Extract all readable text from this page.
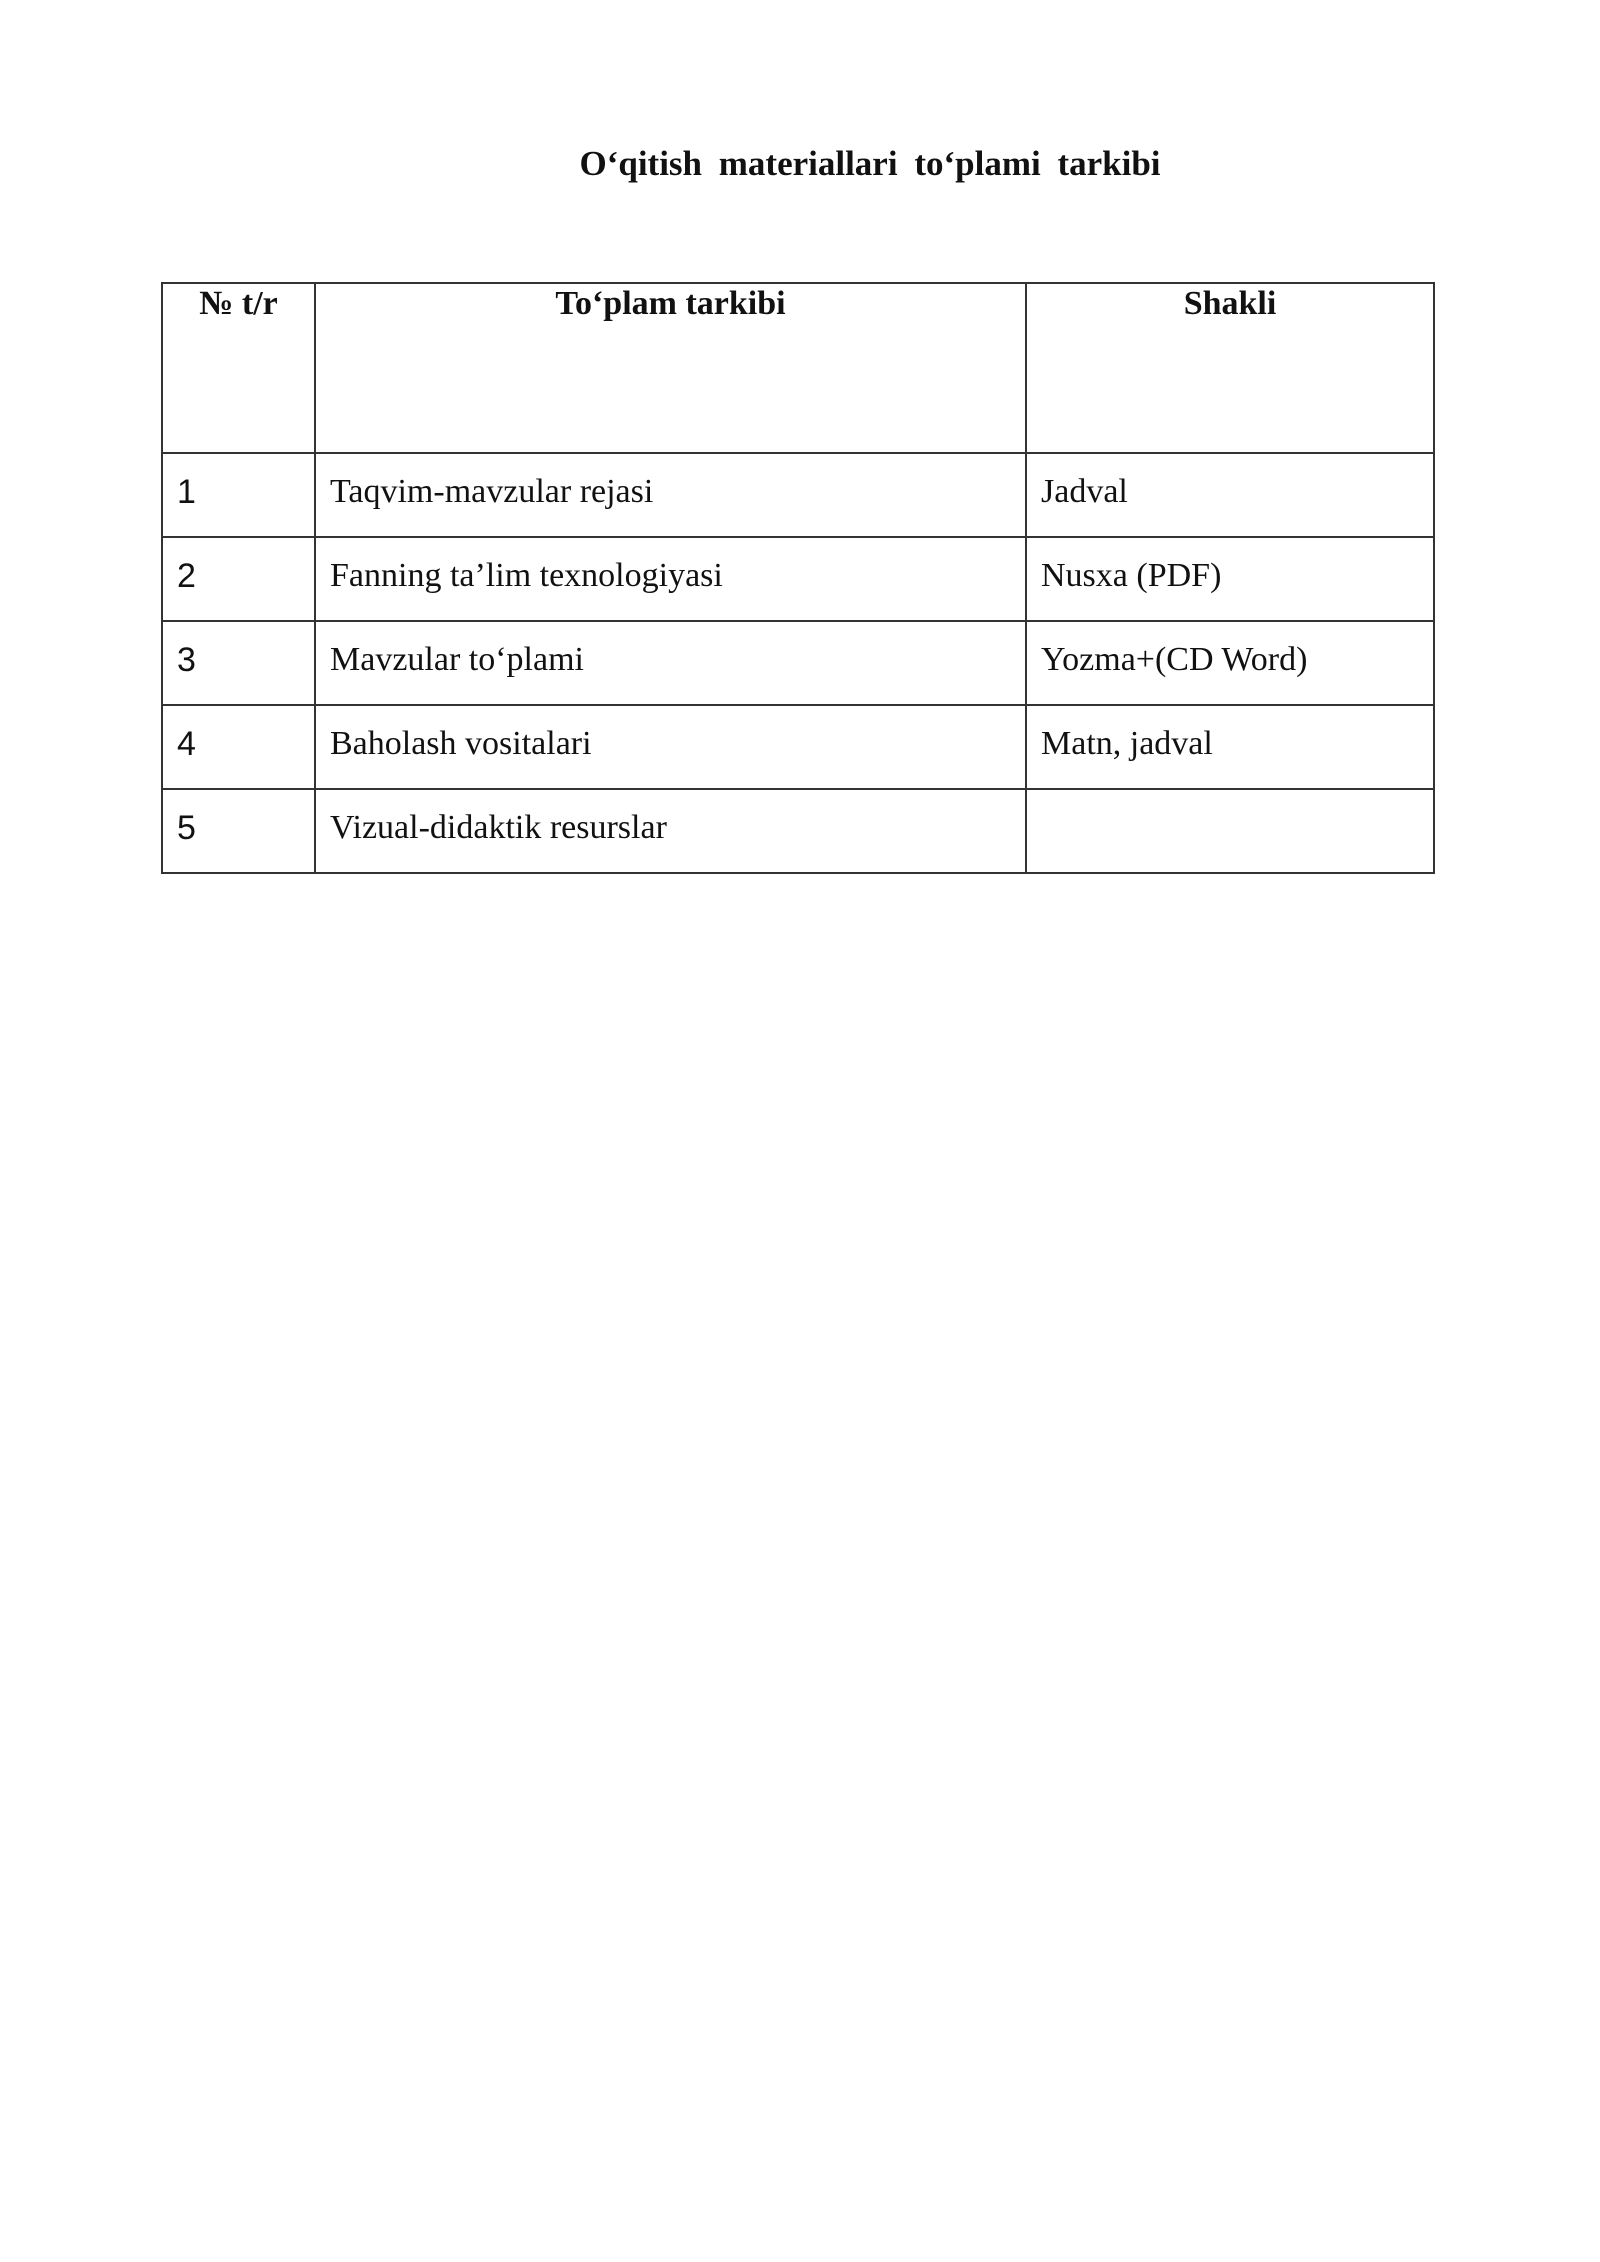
O‘qitish materiallari to‘plami tarkibi
№ t/r	To‘plam tarkibi	Shakli
1	Taqvim-mavzular rejasi	Jadval
2	Fanning ta’lim texnologiyasi	Nusxa (PDF)
3	Mavzular to‘plami	Yozma+(CD Word)
4	Baholash vositalari	Matn, jadval
5	Vizual-didaktik resurslar	
